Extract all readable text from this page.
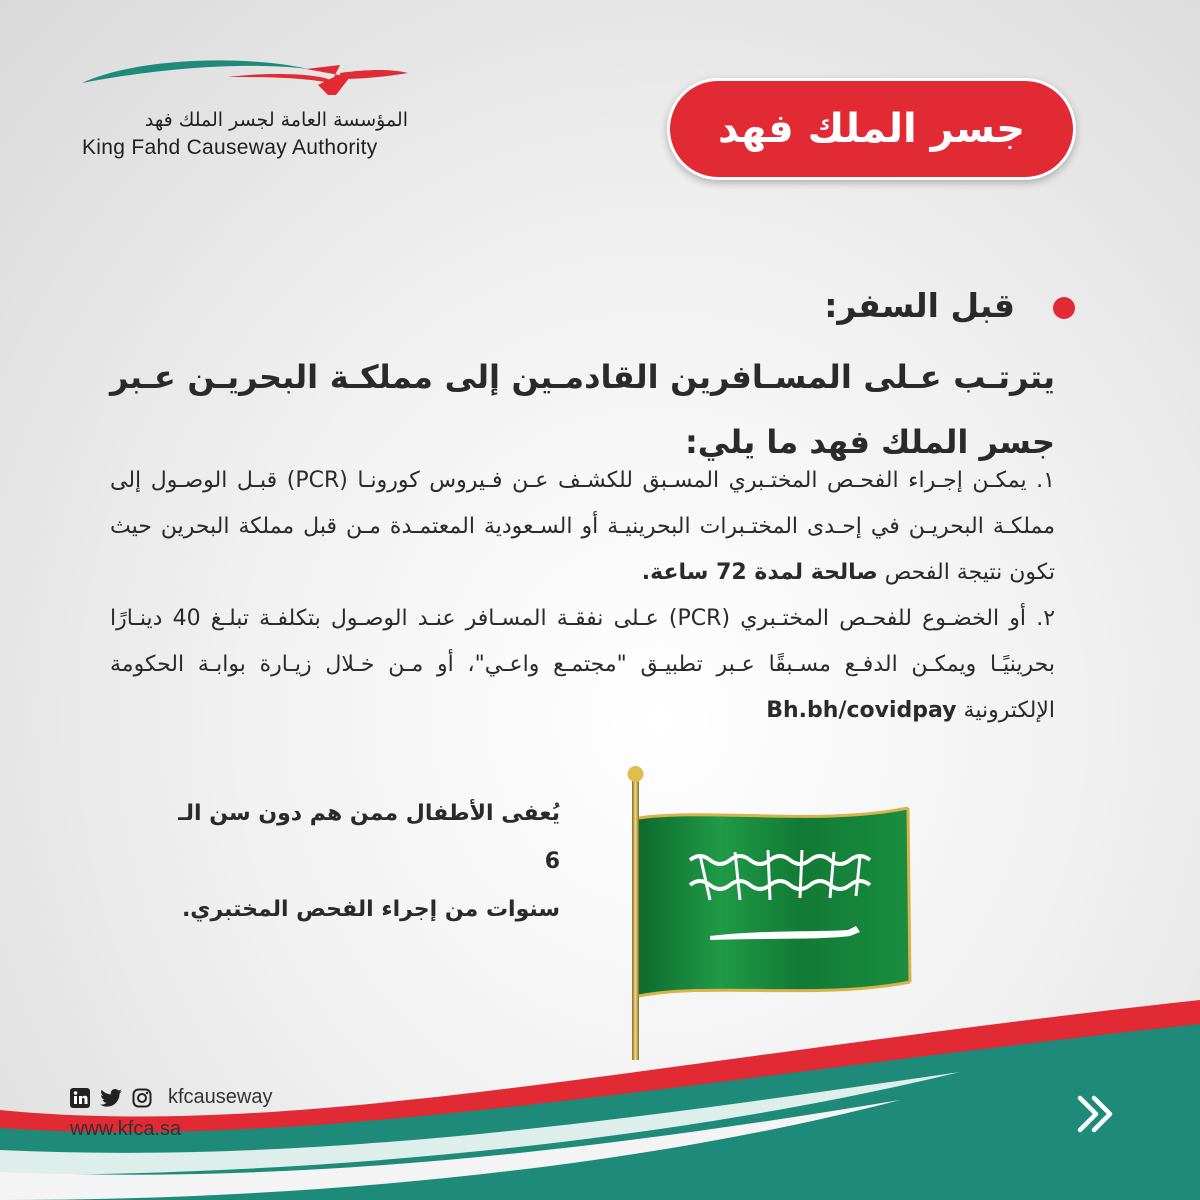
المؤسسة العامة لجسر الملك فهد
King Fahd Causeway Authority	جسر الملك فهد
قبل السفر:
يترتـب عـلى المسـافرين القادمـين إلى مملكـة البحريـن عـبر جسر الملك فهد ما يلي:

١. يمكـن إجـراء الفحـص المختـبري المسـبق للكشـف عـن فـيروس كورونـا (PCR) قبـل الوصـول إلى مملكـة البحريـن في إحـدى المختـبرات البحرينيـة أو السـعودية المعتمـدة مـن قبل مملكة البحرين حيث تكون نتيجة الفحص صالحة لمدة 72 ساعة.

٢. أو الخضـوع للفحـص المختـبري (PCR) عـلى نفقـة المسـافر عنـد الوصـول بتكلفـة تبلـغ 40 دينـارًا بحرينيًـا ويمكـن الدفـع مسـبقًا عـبر تطبيـق "مجتمـع واعـي"، أو مـن خـلال زيـارة بوابـة الحكومة الإلكترونية Bh.bh/covidpay

يُعفى الأطفال ممن هم دون سن الـ 6
سنوات من إجراء الفحص المختبري.
kfcauseway
www.kfca.sa
